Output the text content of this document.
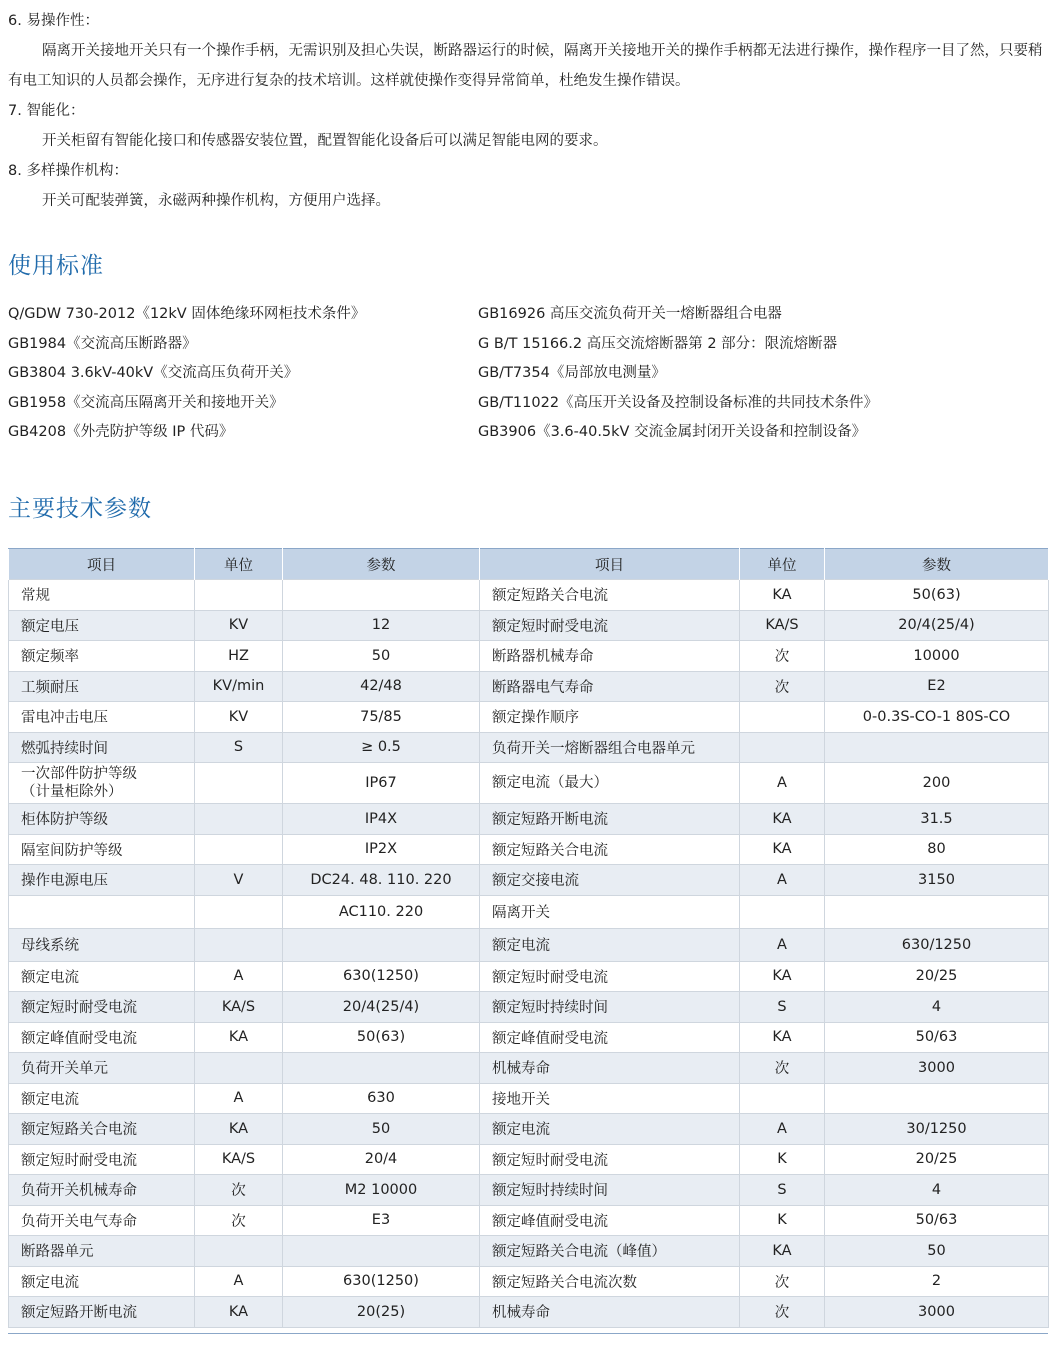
6. 易操作性：
隔离开关接地开关只有一个操作手柄，无需识别及担心失误，断路器运行的时候，隔离开关接地开关的操作手柄都无法进行操作，操作程序一目了然，只要稍有电工知识的人员都会操作，无序进行复杂的技术培训。这样就使操作变得异常简单，杜绝发生操作错误。
7. 智能化：
开关柜留有智能化接口和传感器安装位置，配置智能化设备后可以满足智能电网的要求。
8. 多样操作机构：
开关可配装弹簧，永磁两种操作机构，方便用户选择。
使用标准
Q/GDW 730-2012《12kV 固体绝缘环网柜技术条件》	GB16926 高压交流负荷开关一熔断器组合电器
GB1984《交流高压断路器》	G B/T 15166.2 高压交流熔断器第 2 部分：限流熔断器
GB3804 3.6kV-40kV《交流高压负荷开关》	GB/T7354《局部放电测量》
GB1958《交流高压隔离开关和接地开关》	GB/T11022《高压开关设备及控制设备标准的共同技术条件》
GB4208《外壳防护等级 IP 代码》	GB3906《3.6-40.5kV 交流金属封闭开关设备和控制设备》
主要技术参数
项目	单位	参数	项目	单位	参数
常规			额定短路关合电流	KA	50(63)
额定电压	KV	12	额定短时耐受电流	KA/S	20/4(25/4)
额定频率	HZ	50	断路器机械寿命	次	10000
工频耐压	KV/min	42/48	断路器电气寿命	次	E2
雷电冲击电压	KV	75/85	额定操作顺序		0-0.3S-CO-1 80S-CO
燃弧持续时间	S	≥ 0.5	负荷开关一熔断器组合电器单元		
一次部件防护等级
（计量柜除外）		IP67	额定电流（最大）	A	200
柜体防护等级		IP4X	额定短路开断电流	KA	31.5
隔室间防护等级		IP2X	额定短路关合电流	KA	80
操作电源电压	V	DC24. 48. 110. 220	额定交接电流	A	3150
		AC110. 220	隔离开关		
母线系统			额定电流	A	630/1250
额定电流	A	630(1250)	额定短时耐受电流	KA	20/25
额定短时耐受电流	KA/S	20/4(25/4)	额定短时持续时间	S	4
额定峰值耐受电流	KA	50(63)	额定峰值耐受电流	KA	50/63
负荷开关单元			机械寿命	次	3000
额定电流	A	630	接地开关		
额定短路关合电流	KA	50	额定电流	A	30/1250
额定短时耐受电流	KA/S	20/4	额定短时耐受电流	K	20/25
负荷开关机械寿命	次	M2 10000	额定短时持续时间	S	4
负荷开关电气寿命	次	E3	额定峰值耐受电流	K	50/63
断路器单元			额定短路关合电流（峰值）	KA	50
额定电流	A	630(1250)	额定短路关合电流次数	次	2
额定短路开断电流	KA	20(25)	机械寿命	次	3000
